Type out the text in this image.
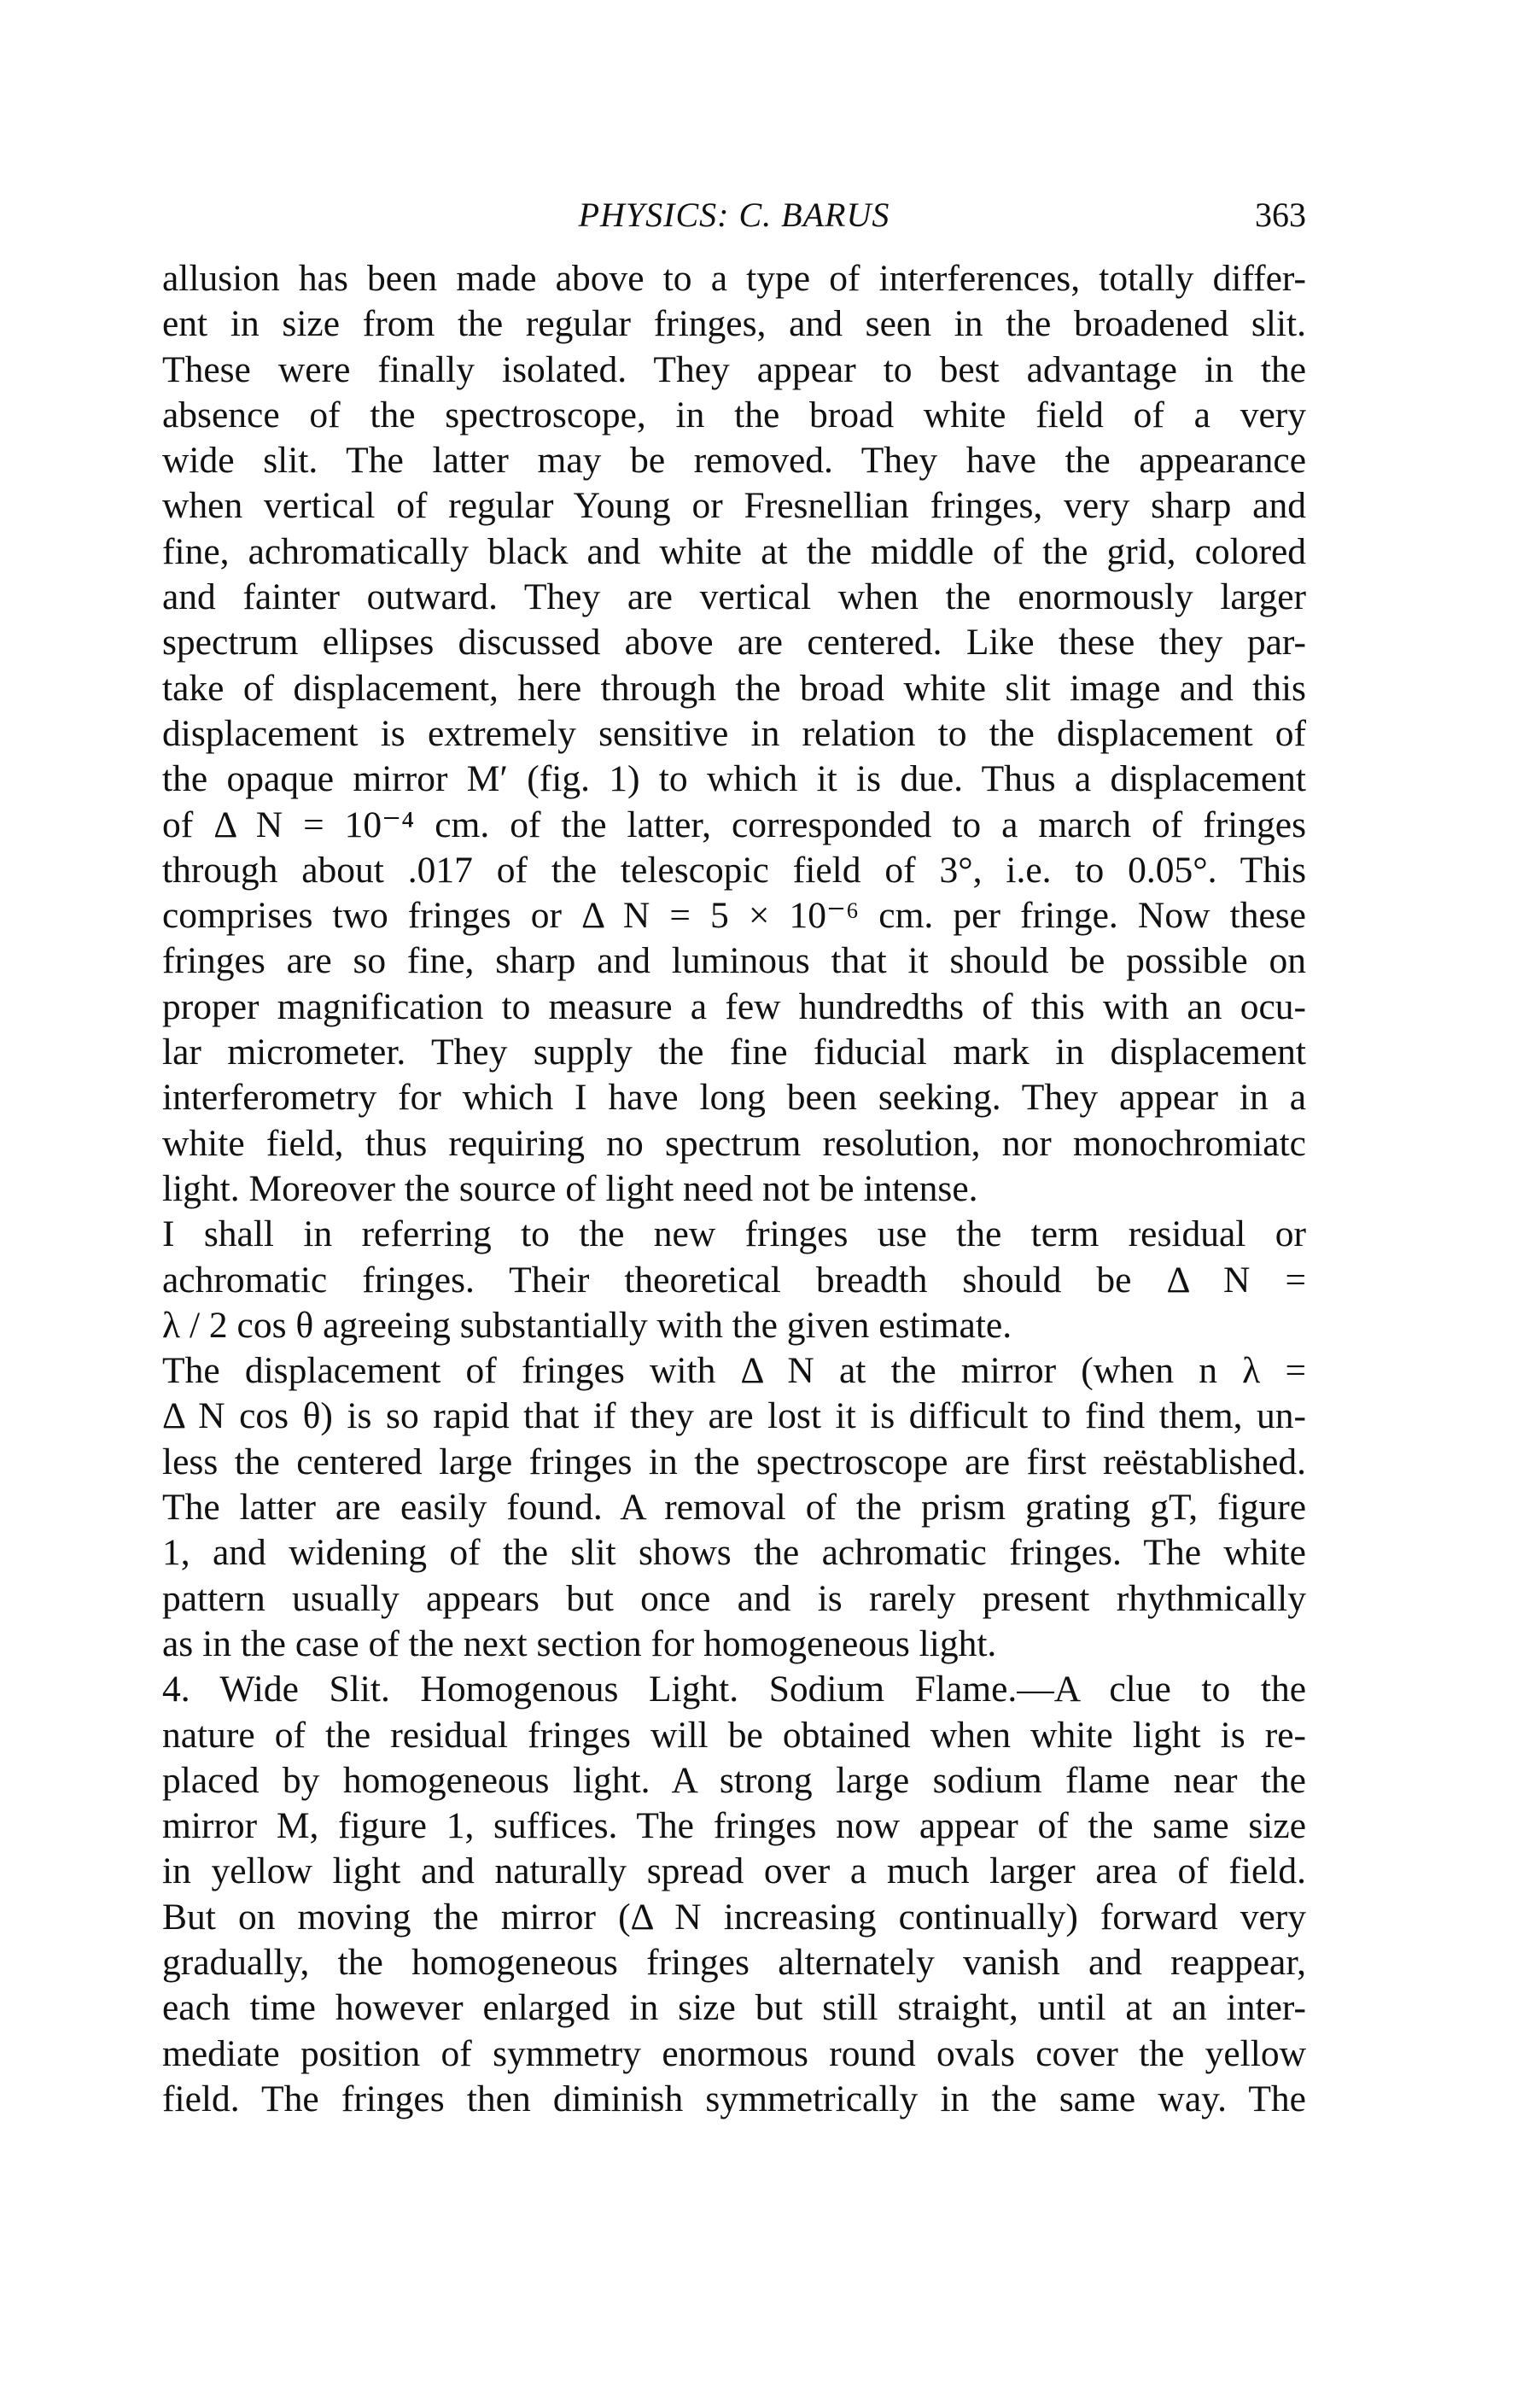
PHYSICS: C. BARUS	363

allusion has been made above to a type of interferences, totally differ-
ent in size from the regular fringes, and seen in the broadened slit.
These were finally isolated. They appear to best advantage in the
absence of the spectroscope, in the broad white field of a very
wide slit. The latter may be removed. They have the appearance
when vertical of regular Young or Fresnellian fringes, very sharp and
fine, achromatically black and white at the middle of the grid, colored
and fainter outward. They are vertical when the enormously larger
spectrum ellipses discussed above are centered. Like these they par-
take of displacement, here through the broad white slit image and this
displacement is extremely sensitive in relation to the displacement of
the opaque mirror M′ (fig. 1) to which it is due. Thus a displacement
of Δ N = 10⁻⁴ cm. of the latter, corresponded to a march of fringes
through about .017 of the telescopic field of 3°, i.e. to 0.05°. This
comprises two fringes or Δ N = 5 × 10⁻⁶ cm. per fringe. Now these
fringes are so fine, sharp and luminous that it should be possible on
proper magnification to measure a few hundredths of this with an ocu-
lar micrometer. They supply the fine fiducial mark in displacement
interferometry for which I have long been seeking. They appear in a
white field, thus requiring no spectrum resolution, nor monochromiatc
light. Moreover the source of light need not be intense.

I shall in referring to the new fringes use the term residual or
achromatic fringes. Their theoretical breadth should be Δ N =
λ / 2 cos θ agreeing substantially with the given estimate.

The displacement of fringes with Δ N at the mirror (when n λ =
Δ N cos θ) is so rapid that if they are lost it is difficult to find them, un-
less the centered large fringes in the spectroscope are first reëstablished.
The latter are easily found. A removal of the prism grating gT, figure
1, and widening of the slit shows the achromatic fringes. The white
pattern usually appears but once and is rarely present rhythmically
as in the case of the next section for homogeneous light.

4. Wide Slit. Homogenous Light. Sodium Flame.—A clue to the
nature of the residual fringes will be obtained when white light is re-
placed by homogeneous light. A strong large sodium flame near the
mirror M, figure 1, suffices. The fringes now appear of the same size
in yellow light and naturally spread over a much larger area of field.
But on moving the mirror (Δ N increasing continually) forward very
gradually, the homogeneous fringes alternately vanish and reappear,
each time however enlarged in size but still straight, until at an inter-
mediate position of symmetry enormous round ovals cover the yellow
field. The fringes then diminish symmetrically in the same way. The
